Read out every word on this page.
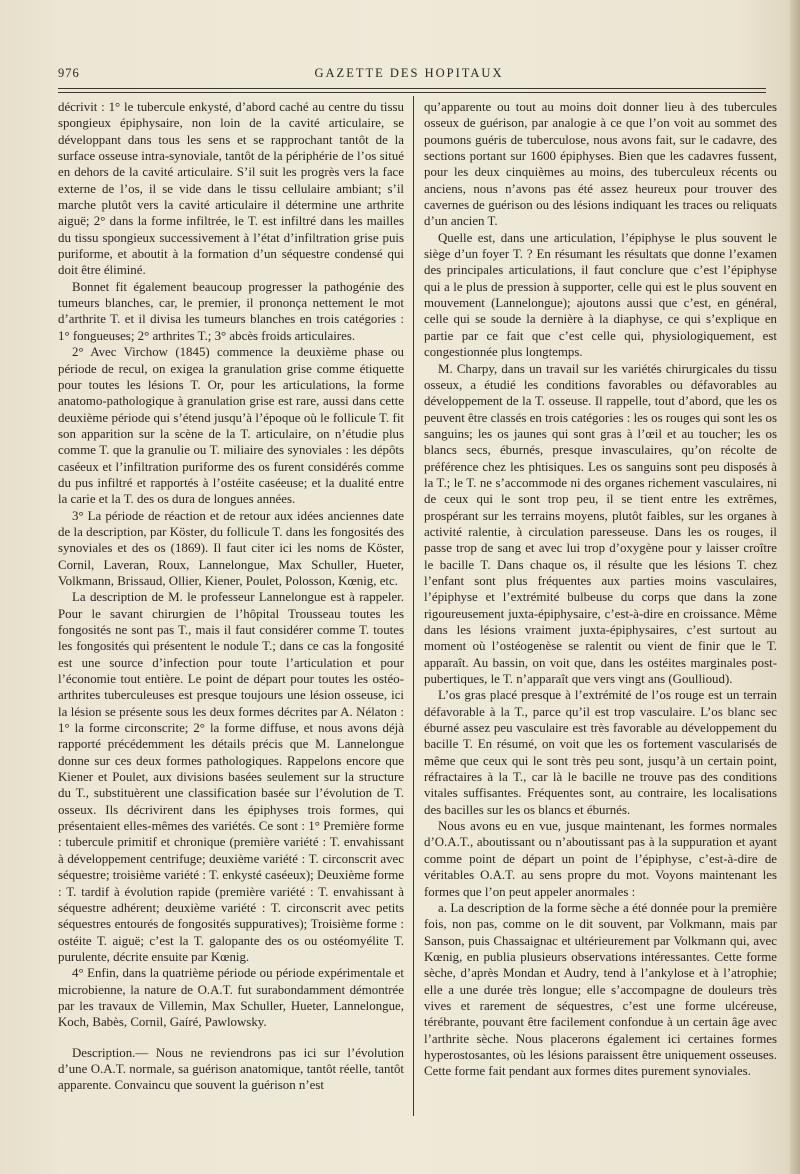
976	GAZETTE DES HOPITAUX

décrivit : 1° le tubercule enkysté, d’abord caché au centre du tissu spongieux épiphysaire, non loin de la cavité articulaire, se développant dans tous les sens et se rapprochant tantôt de la surface osseuse intra-synoviale, tantôt de la périphérie de l’os situé en dehors de la cavité articulaire. S’il suit les progrès vers la face externe de l’os, il se vide dans le tissu cellulaire ambiant; s’il marche plutôt vers la cavité articulaire il détermine une arthrite aiguë; 2° dans la forme infiltrée, le T. est infiltré dans les mailles du tissu spongieux successivement à l’état d’infiltration grise puis puriforme, et aboutit à la formation d’un séquestre condensé qui doit être éliminé.

Bonnet fit également beaucoup progresser la pathogénie des tumeurs blanches, car, le premier, il prononça nettement le mot d’arthrite T. et il divisa les tumeurs blanches en trois catégories : 1° fongueuses; 2° arthrites T.; 3° abcès froids articulaires.

2° Avec Virchow (1845) commence la deuxième phase ou période de recul, on exigea la granulation grise comme étiquette pour toutes les lésions T. Or, pour les articulations, la forme anatomo-pathologique à granulation grise est rare, aussi dans cette deuxième période qui s’étend jusqu’à l’époque où le follicule T. fit son apparition sur la scène de la T. articulaire, on n’étudie plus comme T. que la granulie ou T. miliaire des synoviales : les dépôts caséeux et l’infiltration puriforme des os furent considérés comme du pus infiltré et rapportés à l’ostéite caséeuse; et la dualité entre la carie et la T. des os dura de longues années.

3° La période de réaction et de retour aux idées anciennes date de la description, par Köster, du follicule T. dans les fongosités des synoviales et des os (1869). Il faut citer ici les noms de Köster, Cornil, Laveran, Roux, Lannelongue, Max Schuller, Hueter, Volkmann, Brissaud, Ollier, Kiener, Poulet, Polosson, Kœnig, etc.

La description de M. le professeur Lannelongue est à rappeler. Pour le savant chirurgien de l’hôpital Trousseau toutes les fongosités ne sont pas T., mais il faut considérer comme T. toutes les fongosités qui présentent le nodule T.; dans ce cas la fongosité est une source d’infection pour toute l’articulation et pour l’économie tout entière. Le point de départ pour toutes les ostéo-arthrites tuberculeuses est presque toujours une lésion osseuse, ici la lésion se présente sous les deux formes décrites par A. Nélaton : 1° la forme circonscrite; 2° la forme diffuse, et nous avons déjà rapporté précédemment les détails précis que M. Lannelongue donne sur ces deux formes pathologiques. Rappelons encore que Kiener et Poulet, aux divisions basées seulement sur la structure du T., substituèrent une classification basée sur l’évolution de T. osseux. Ils décrivirent dans les épiphyses trois formes, qui présentaient elles-mêmes des variétés. Ce sont : 1° Première forme : tubercule primitif et chronique (première variété : T. envahissant à développement centrifuge; deuxième variété : T. circonscrit avec séquestre; troisième variété : T. enkysté caséeux); Deuxième forme : T. tardif à évolution rapide (première variété : T. envahissant à séquestre adhérent; deuxième variété : T. circonscrit avec petits séquestres entourés de fongosités suppuratives); Troisième forme : ostéite T. aiguë; c’est la T. galopante des os ou ostéomyélite T. purulente, décrite ensuite par Kœnig.

4° Enfin, dans la quatrième période ou période expérimentale et microbienne, la nature de O.A.T. fut surabondamment démontrée par les travaux de Villemin, Max Schuller, Hueter, Lannelongue, Koch, Babès, Cornil, Gaíré, Pawlowsky.

Description.— Nous ne reviendrons pas ici sur l’évolution d’une O.A.T. normale, sa guérison anatomique, tantôt réelle, tantôt apparente. Convaincu que souvent la guérison n’est

qu’apparente ou tout au moins doit donner lieu à des tubercules osseux de guérison, par analogie à ce que l’on voit au sommet des poumons guéris de tuberculose, nous avons fait, sur le cadavre, des sections portant sur 1600 épiphyses. Bien que les cadavres fussent, pour les deux cinquièmes au moins, des tuberculeux récents ou anciens, nous n’avons pas été assez heureux pour trouver des cavernes de guérison ou des lésions indiquant les traces ou reliquats d’un ancien T.

Quelle est, dans une articulation, l’épiphyse le plus souvent le siège d’un foyer T. ? En résumant les résultats que donne l’examen des principales articulations, il faut conclure que c’est l’épiphyse qui a le plus de pression à supporter, celle qui est le plus souvent en mouvement (Lannelongue); ajoutons aussi que c’est, en général, celle qui se soude la dernière à la diaphyse, ce qui s’explique en partie par ce fait que c’est celle qui, physiologiquement, est congestionnée plus longtemps.

M. Charpy, dans un travail sur les variétés chirurgicales du tissu osseux, a étudié les conditions favorables ou défavorables au développement de la T. osseuse. Il rappelle, tout d’abord, que les os peuvent être classés en trois catégories : les os rouges qui sont les os sanguins; les os jaunes qui sont gras à l’œil et au toucher; les os blancs secs, éburnés, presque invasculaires, qu’on récolte de préférence chez les phtisiques. Les os sanguins sont peu disposés à la T.; le T. ne s’accommode ni des organes richement vasculaires, ni de ceux qui le sont trop peu, il se tient entre les extrêmes, prospérant sur les terrains moyens, plutôt faibles, sur les organes à activité ralentie, à circulation paresseuse. Dans les os rouges, il passe trop de sang et avec lui trop d’oxygène pour y laisser croître le bacille T. Dans chaque os, il résulte que les lésions T. chez l’enfant sont plus fréquentes aux parties moins vasculaires, l’épiphyse et l’extrémité bulbeuse du corps que dans la zone rigoureusement juxta-épiphysaire, c’est-à-dire en croissance. Même dans les lésions vraiment juxta-épiphysaires, c’est surtout au moment où l’ostéogenèse se ralentit ou vient de finir que le T. apparaît. Au bassin, on voit que, dans les ostéites marginales post-pubertiques, le T. n’apparaît que vers vingt ans (Goullioud).

L’os gras placé presque à l’extrémité de l’os rouge est un terrain défavorable à la T., parce qu’il est trop vasculaire. L’os blanc sec éburné assez peu vasculaire est très favorable au développement du bacille T. En résumé, on voit que les os fortement vascularisés de même que ceux qui le sont très peu sont, jusqu’à un certain point, réfractaires à la T., car là le bacille ne trouve pas des conditions vitales suffisantes. Fréquentes sont, au contraire, les localisations des bacilles sur les os blancs et éburnés.

Nous avons eu en vue, jusque maintenant, les formes normales d’O.A.T., aboutissant ou n’aboutissant pas à la suppuration et ayant comme point de départ un point de l’épiphyse, c’est-à-dire de véritables O.A.T. au sens propre du mot. Voyons maintenant les formes que l’on peut appeler anormales :

a. La description de la forme sèche a été donnée pour la première fois, non pas, comme on le dit souvent, par Volkmann, mais par Sanson, puis Chassaignac et ultérieurement par Volkmann qui, avec Kœnig, en publia plusieurs observations intéressantes. Cette forme sèche, d’après Mondan et Audry, tend à l’ankylose et à l’atrophie; elle a une durée très longue; elle s’accompagne de douleurs très vives et rarement de séquestres, c’est une forme ulcéreuse, térébrante, pouvant être facilement confondue à un certain âge avec l’arthrite sèche. Nous placerons également ici certaines formes hyperostosantes, où les lésions paraissent être uniquement osseuses. Cette forme fait pendant aux formes dites purement synoviales.
